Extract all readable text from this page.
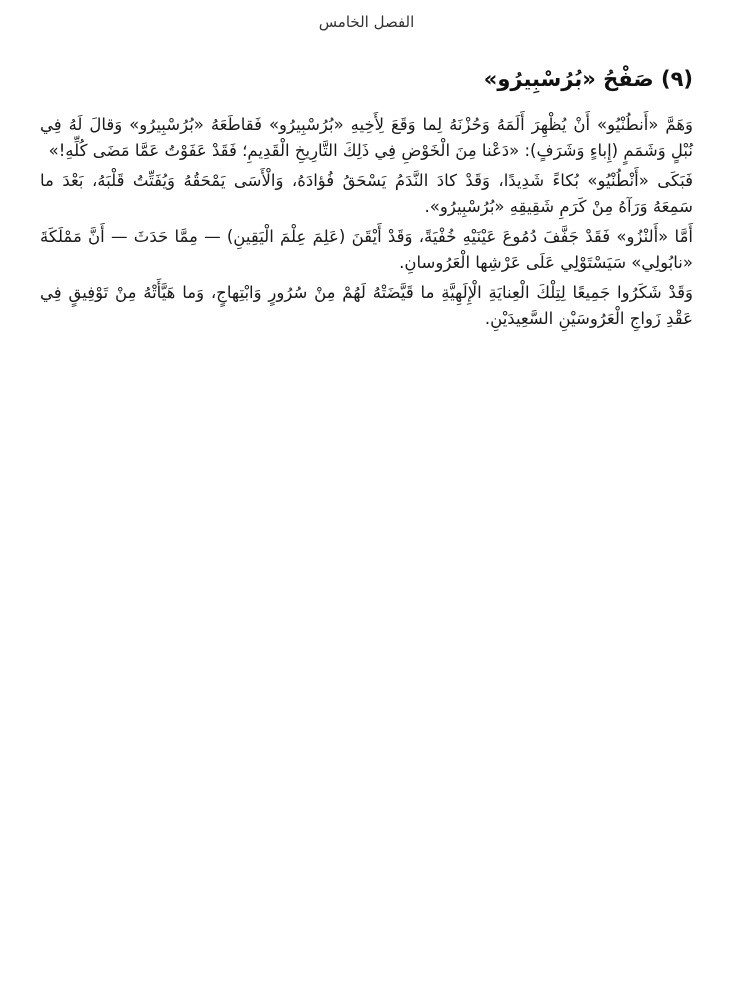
الفصل الخامس
(٩) صَفْحُ «بُرُسْبِيرُو»

وَهَمَّ «أَنطُنْيُو» أَنْ يُظْهِرَ أَلَمَهُ وَحُزْنَهُ لِما وَقَعَ لِأَخِيهِ «بُرُسْبِيرُو» فَقاطَعَهُ «بُرُسْبِيرُو» وَقالَ لَهُ فِي نُبْلٍ وَشَمَمٍ (إِباءٍ وَشَرَفٍ): «دَعْنا مِنَ الْخَوْضِ فِي ذَلِكَ التَّارِيخِ الْقَدِيمِ؛ فَقَدْ عَفَوْتُ عَمَّا مَضَى كُلِّهِ!»

فَبَكَى «أَنْطُنْيُو» بُكاءً شَدِيدًا، وَقَدْ كادَ النَّدَمُ يَسْحَقُ فُؤادَهُ، وَالْأَسَى يَمْحَقُهُ وَيُفَتِّتُ قَلْبَهُ، بَعْدَ ما سَمِعَهُ وَرَآهُ مِنْ كَرَمِ شَقِيقِهِ «بُرُسْبِيرُو».

أَمَّا «أَلنْزُو» فَقَدْ جَفَّفَ دُمُوعَ عَيْنَيْهِ خُفْيَةً، وَقَدْ أَيْقَنَ (عَلِمَ عِلْمَ الْيَقِينِ) — مِمَّا حَدَثَ — أَنَّ مَمْلَكَةَ «نابُولِي» سَيَسْتَوْلِي عَلَى عَرْشِها الْعَرُوسانِ.

وَقَدْ شَكَرُوا جَمِيعًا لِتِلْكَ الْعِنايَةِ الْإِلَهِيَّةِ ما قَيَّضَتْهُ لَهُمْ مِنْ سُرُورٍ وَابْتِهاجٍ، وَما هَيَّأَتْهُ مِنْ تَوْفِيقٍ فِي عَقْدِ زَواجِ الْعَرُوسَيْنِ السَّعِيدَيْنِ.
